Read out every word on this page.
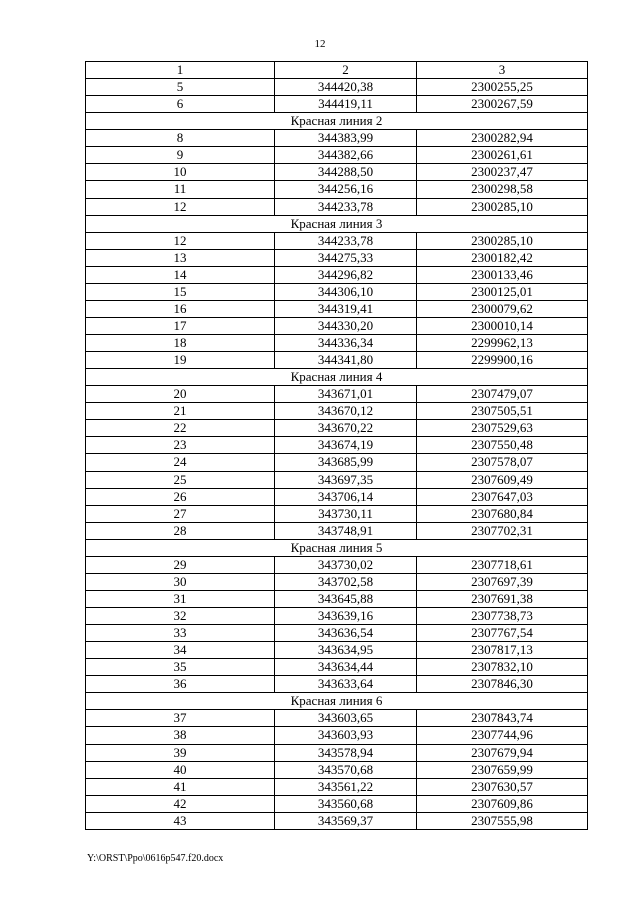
12
1	2	3
5	344420,38	2300255,25
6	344419,11	2300267,59
Красная линия 2		
8	344383,99	2300282,94
9	344382,66	2300261,61
10	344288,50	2300237,47
11	344256,16	2300298,58
12	344233,78	2300285,10
Красная линия 3		
12	344233,78	2300285,10
13	344275,33	2300182,42
14	344296,82	2300133,46
15	344306,10	2300125,01
16	344319,41	2300079,62
17	344330,20	2300010,14
18	344336,34	2299962,13
19	344341,80	2299900,16
Красная линия 4		
20	343671,01	2307479,07
21	343670,12	2307505,51
22	343670,22	2307529,63
23	343674,19	2307550,48
24	343685,99	2307578,07
25	343697,35	2307609,49
26	343706,14	2307647,03
27	343730,11	2307680,84
28	343748,91	2307702,31
Красная линия 5		
29	343730,02	2307718,61
30	343702,58	2307697,39
31	343645,88	2307691,38
32	343639,16	2307738,73
33	343636,54	2307767,54
34	343634,95	2307817,13
35	343634,44	2307832,10
36	343633,64	2307846,30
Красная линия 6		
37	343603,65	2307843,74
38	343603,93	2307744,96
39	343578,94	2307679,94
40	343570,68	2307659,99
41	343561,22	2307630,57
42	343560,68	2307609,86
43	343569,37	2307555,98
Y:\ORST\Ppo\0616p547.f20.docx
